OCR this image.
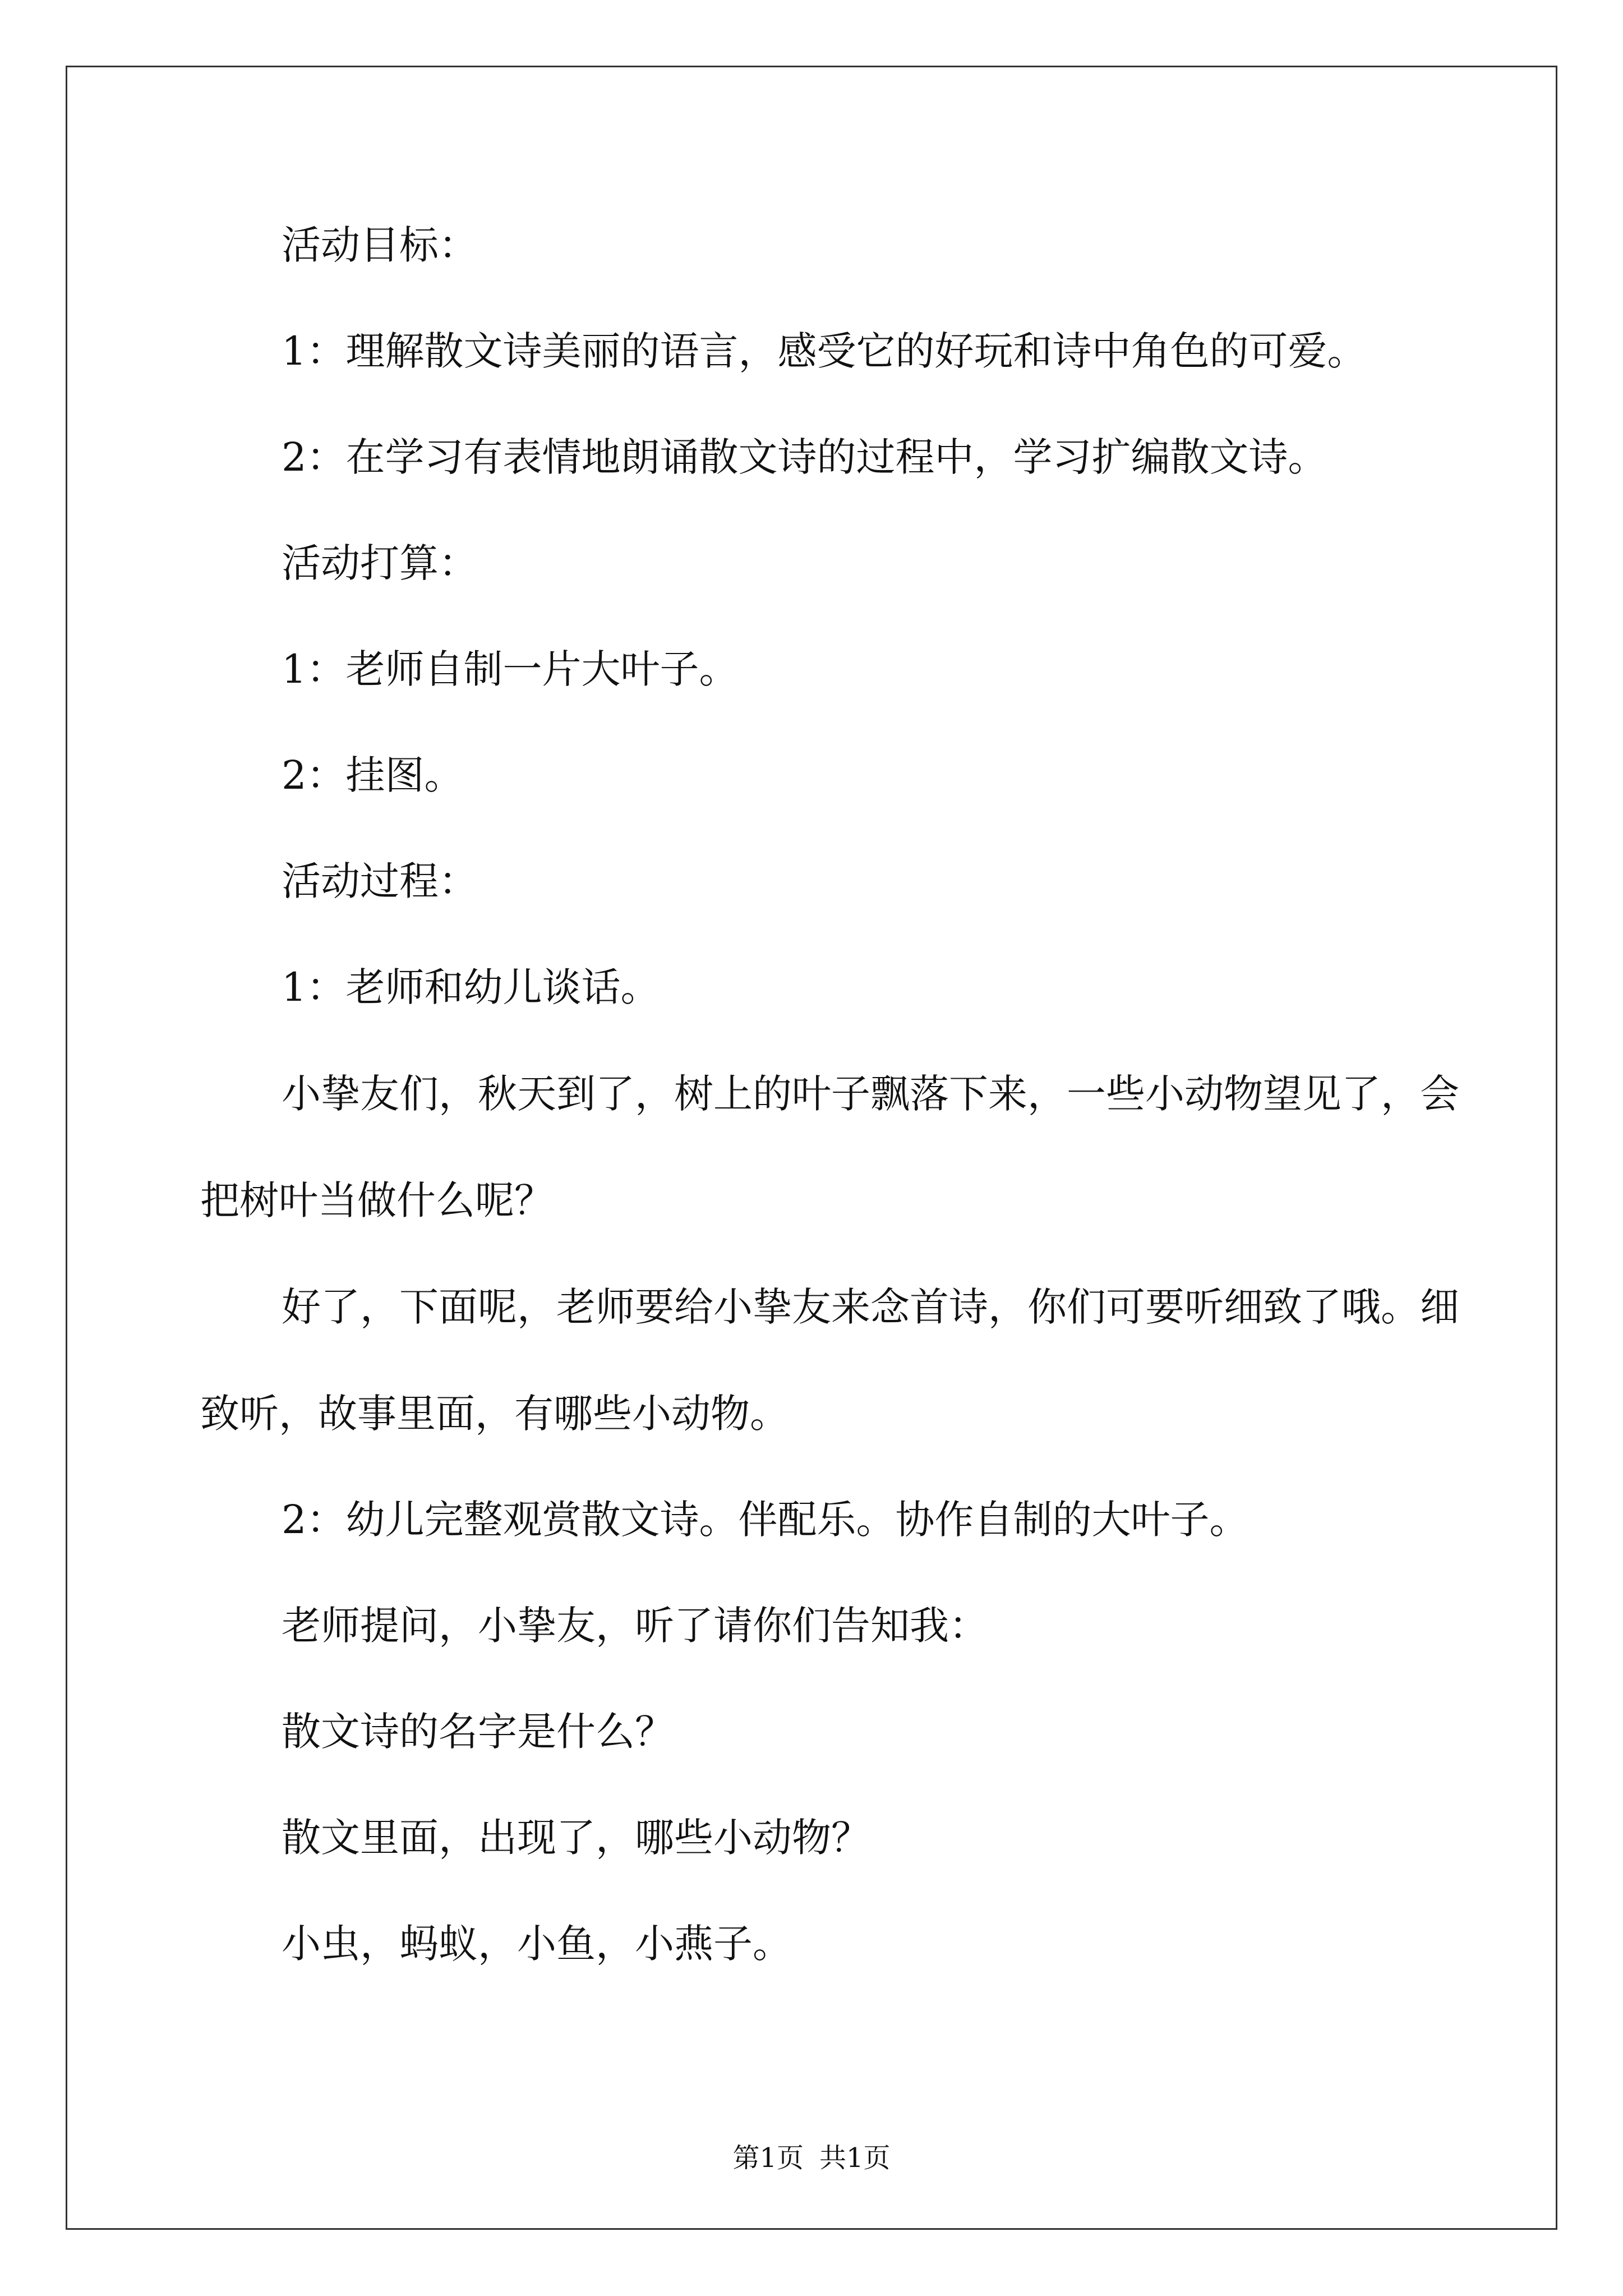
活动目标：

1：理解散文诗美丽的语言，感受它的好玩和诗中角色的可爱。

2：在学习有表情地朗诵散文诗的过程中，学习扩编散文诗。

活动打算：

1：老师自制一片大叶子。

2：挂图。

活动过程：

1：老师和幼儿谈话。

小挚友们，秋天到了，树上的叶子飘落下来，一些小动物望见了，会把树叶当做什么呢？

好了，下面呢，老师要给小挚友来念首诗，你们可要听细致了哦。细致听，故事里面，有哪些小动物。

2：幼儿完整观赏散文诗。伴配乐。协作自制的大叶子。

老师提问，小挚友，听了请你们告知我：

散文诗的名字是什么？

散文里面，出现了，哪些小动物？

小虫，蚂蚁，小鱼，小燕子。

第1页 共1页
